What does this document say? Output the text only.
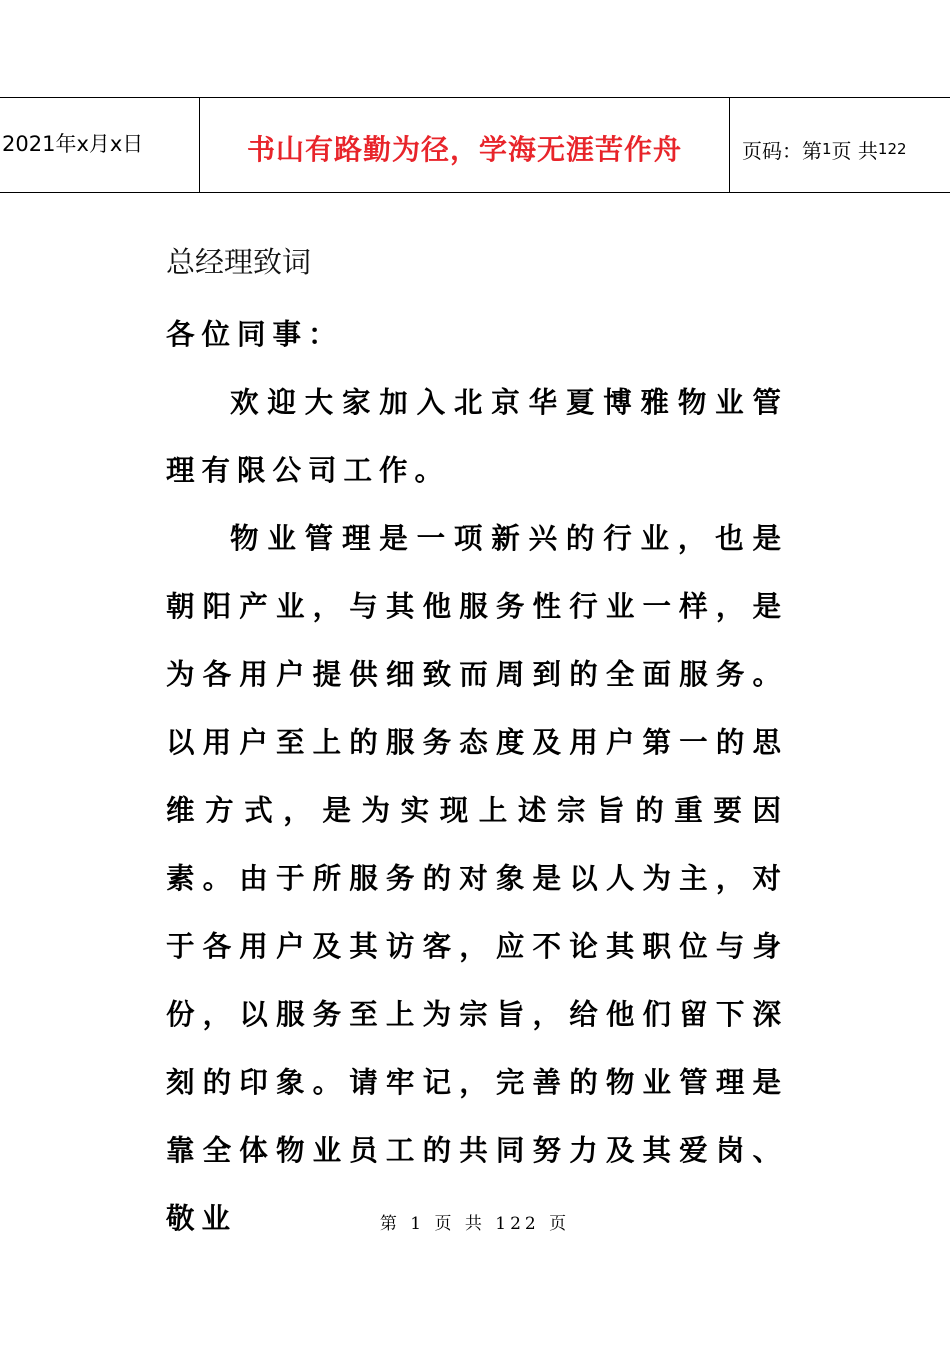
2021年x月x日	书山有路勤为径，学海无涯苦作舟	页码：第 1 页 共 122
总经理致词

各位同事：

欢迎大家加入北京华夏博雅物业管理有限公司工作。

物业管理是一项新兴的行业，也是朝阳产业，与其他服务性行业一样，是为各用户提供细致而周到的全面服务。以用户至上的服务态度及用户第一的思维方式，是为实现上述宗旨的重要因素。由于所服务的对象是以人为主，对于各用户及其访客，应不论其职位与身份，以服务至上为宗旨，给他们留下深刻的印象。请牢记，完善的物业管理是靠全体物业员工的共同努力及其爱岗、敬业	第 1 页 共 122 页
